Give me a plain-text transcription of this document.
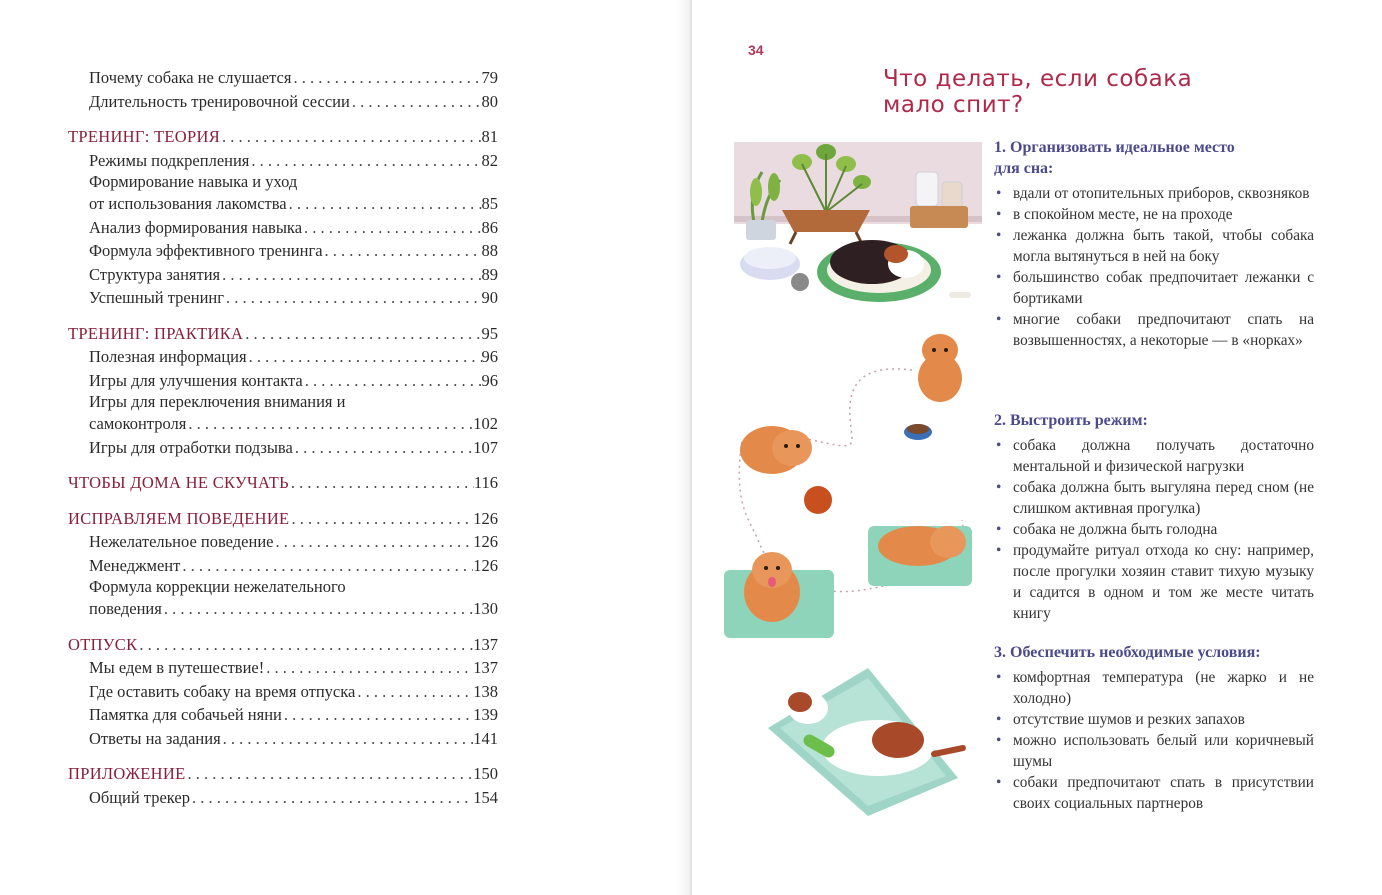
Почему собака не слушается . . .	79
Длительность тренировочной сессии . . .	80
ТРЕНИНГ: ТЕОРИЯ . . .	81
Режимы подкрепления . . .	82
Формирование навыка и уход
от использования лакомства . . .	85
Анализ формирования навыка . . .	86
Формула эффективного тренинга . . .	88
Структура занятия . . .	89
Успешный тренинг . . .	90
ТРЕНИНГ: ПРАКТИКА . . .	95
Полезная информация . . .	96
Игры для улучшения контакта . . .	96
Игры для переключения внимания и
самоконтроля . . .	102
Игры для отработки подзыва . . .	107
ЧТОБЫ ДОМА НЕ СКУЧАТЬ . . .	116
ИСПРАВЛЯЕМ ПОВЕДЕНИЕ . . .	126
Нежелательное поведение . . .	126
Менеджмент . . .	126
Формула коррекции нежелательного
поведения . . .	130
ОТПУСК . . .	137
Мы едем в путешествие! . . .	137
Где оставить собаку на время отпуска . . .	138
Памятка для собачьей няни . . .	139
Ответы на задания . . .	141
ПРИЛОЖЕНИЕ . . .	150
Общий трекер . . .	154
34
Что делать, если собака
мало спит?
1. Организовать идеальное место
для сна:
• вдали от отопительных приборов, сквозняков
• в спокойном месте, не на проходе
• лежанка должна быть такой, чтобы собака могла вытянуться в ней на боку
• большинство собак предпочитает лежанки с бортиками
• многие собаки предпочитают спать на возвышенностях, а некоторые — в «норках»
2. Выстроить режим:
• собака должна получать достаточно ментальной и физической нагрузки
• собака должна быть выгуляна перед сном (не слишком активная прогулка)
• собака не должна быть голодна
• продумайте ритуал отхода ко сну: например, после прогулки хозяин ставит тихую музыку и садится в одном и том же месте читать книгу
3. Обеспечить необходимые условия:
• комфортная температура (не жарко и не холодно)
• отсутствие шумов и резких запахов
• можно использовать белый или коричневый шумы
• собаки предпочитают спать в присутствии своих социальных партнеров
